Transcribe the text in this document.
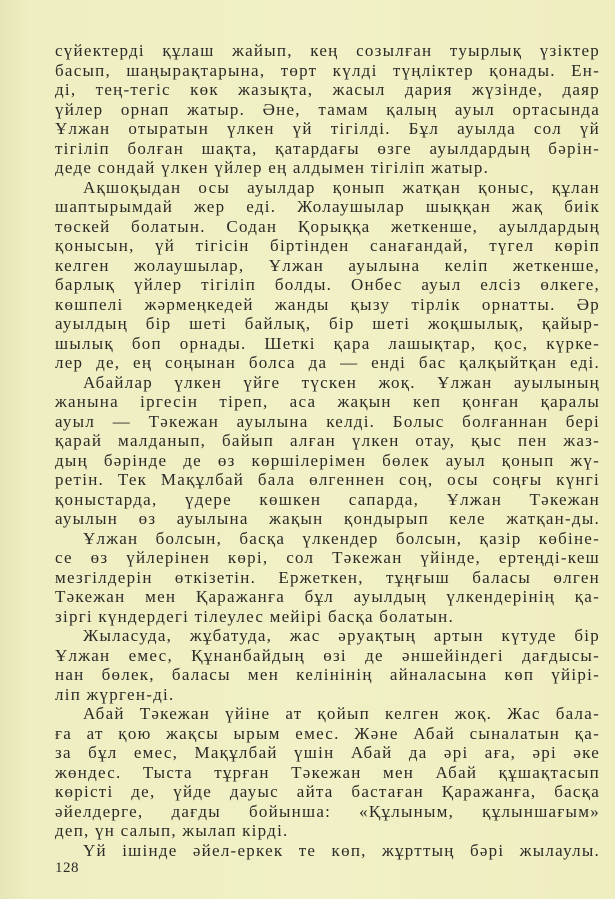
сүйектерді құлаш жайып, кең созылған туырлық үзіктер
басып, шаңырақтарына, төрт күлді түңліктер қонады. Ен-
ді, тең-тегіс көк жазықта, жасыл дария жүзінде, даяр
үйлер орнап жатыр. Әне, тамам қалың ауыл ортасында
Ұлжан отыратын үлкен үй тігілді. Бұл ауылда сол үй
тігіліп болған шақта, қатардағы өзге ауылдардың бәрін-
деде сондай үлкен үйлер ең алдымен тігіліп жатыр.
Ақшоқыдан осы ауылдар қонып жатқан қоныс, құлан
шаптырымдай жер еді. Жолаушылар шыққан жақ биік
төскей болатын. Содан Қорыққа жеткенше, ауылдардың
қонысын, үй тігісін біртінден санағандай, түгел көріп
келген жолаушылар, Ұлжан ауылына келіп жеткенше,
барлық үйлер тігіліп болды. Онбес ауыл елсіз өлкеге,
көшпелі жәрмеңкедей жанды қызу тірлік орнатты. Әр
ауылдың бір шеті байлық, бір шеті жоқшылық, қайыр-
шылық боп орнады. Шеткі қара лашықтар, қос, күрке-
лер де, ең соңынан болса да — енді бас қалқыйтқан еді.
Абайлар үлкен үйге түскен жоқ. Ұлжан ауылының
жанына іргесін тіреп, аса жақын кеп қонған қаралы
ауыл — Тәкежан ауылына келді. Болыс болғаннан бері
қарай малданып, байып алған үлкен отау, қыс пен жаз-
дың бәрінде де өз көршілерімен бөлек ауыл қонып жү-
ретін. Тек Мақұлбай бала өлгеннен соң, осы соңғы күнгі
қоныстарда, үдере көшкен сапарда, Ұлжан Тәкежан
ауылын өз ауылына жақын қондырып келе жатқан-ды.
Ұлжан болсын, басқа үлкендер болсын, қазір көбіне-
се өз үйлерінен көрі, сол Тәкежан үйінде, ертеңді-кеш
мезгілдерін өткізетін. Ержеткен, тұңғыш баласы өлген
Тәкежан мен Қаражанға бұл ауылдың үлкендерінің қа-
зіргі күндердегі тілеулес мейірі басқа болатын.
Жыласуда, жұбатуда, жас әруақтың артын күтуде бір
Ұлжан емес, Құнанбайдың өзі де әншейіндегі дағдысы-
нан бөлек, баласы мен келінінің айналасына көп үйірі-
ліп жүрген-ді.
Абай Тәкежан үйіне ат қойып келген жоқ. Жас бала-
ға ат қою жақсы ырым емес. Және Абай сыналатын қа-
за бұл емес, Мақұлбай үшін Абай да әрі аға, әрі әке
жөндес. Тыста тұрған Тәкежан мен Абай құшақтасып
көрісті де, үйде дауыс айта бастаған Қаражанға, басқа
әйелдерге, дағды бойынша: «Құлыным, құлыншағым»
деп, үн салып, жылап кірді.
Үй ішінде әйел-еркек те көп, жұрттың бәрі жылаулы.
128
